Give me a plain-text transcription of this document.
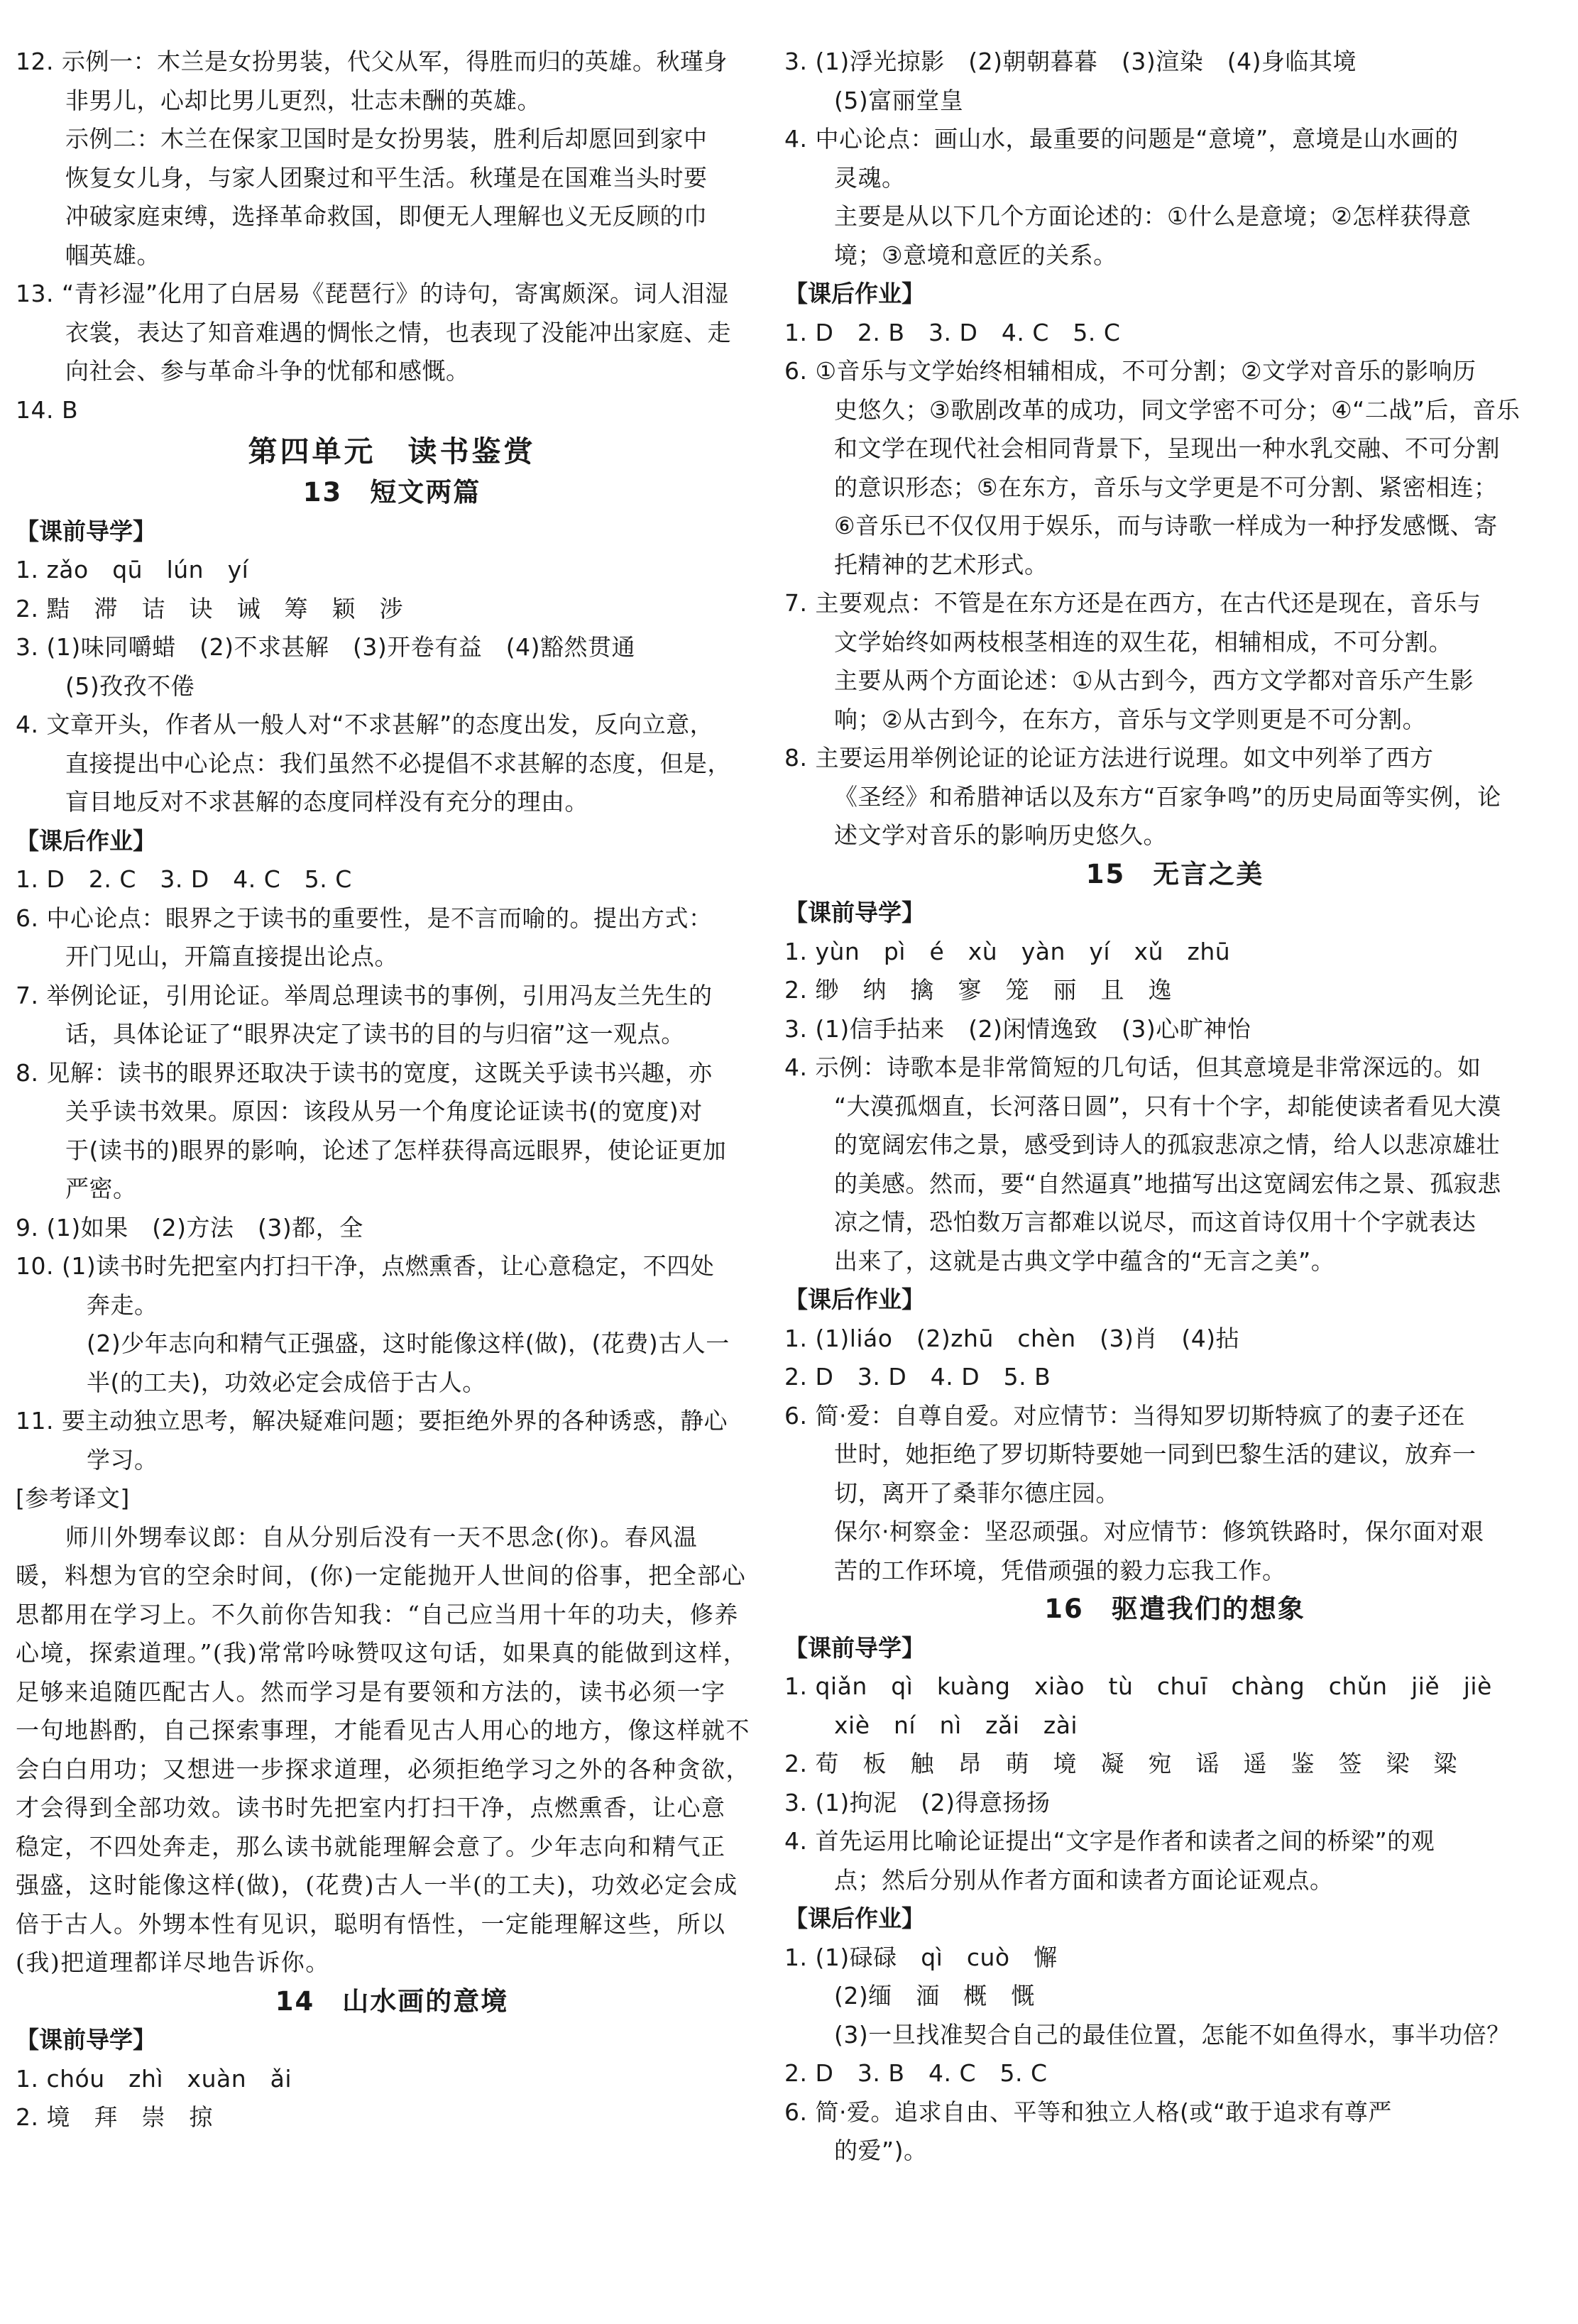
12. 示例一：木兰是女扮男装，代父从军，得胜而归的英雄。秋瑾身
非男儿，心却比男儿更烈，壮志未酬的英雄。
示例二：木兰在保家卫国时是女扮男装，胜利后却愿回到家中
恢复女儿身，与家人团聚过和平生活。秋瑾是在国难当头时要
冲破家庭束缚，选择革命救国，即便无人理解也义无反顾的巾
帼英雄。
13. “青衫湿”化用了白居易《琵琶行》的诗句，寄寓颇深。词人泪湿
衣裳，表达了知音难遇的惆怅之情，也表现了没能冲出家庭、走
向社会、参与革命斗争的忧郁和感慨。
14. B
第四单元　读书鉴赏
13　短文两篇
【课前导学】
1. zǎo　qū　lún　yí
2. 黠　滞　诘　诀　诫　筹　颖　涉
3. (1)味同嚼蜡　(2)不求甚解　(3)开卷有益　(4)豁然贯通
(5)孜孜不倦
4. 文章开头，作者从一般人对“不求甚解”的态度出发，反向立意，
直接提出中心论点：我们虽然不必提倡不求甚解的态度，但是，
盲目地反对不求甚解的态度同样没有充分的理由。
【课后作业】
1. D　2. C　3. D　4. C　5. C
6. 中心论点：眼界之于读书的重要性，是不言而喻的。提出方式：
开门见山，开篇直接提出论点。
7. 举例论证，引用论证。举周总理读书的事例，引用冯友兰先生的
话，具体论证了“眼界决定了读书的目的与归宿”这一观点。
8. 见解：读书的眼界还取决于读书的宽度，这既关乎读书兴趣，亦
关乎读书效果。原因：该段从另一个角度论证读书(的宽度)对
于(读书的)眼界的影响，论述了怎样获得高远眼界，使论证更加
严密。
9. (1)如果　(2)方法　(3)都，全
10. (1)读书时先把室内打扫干净，点燃熏香，让心意稳定，不四处
奔走。
(2)少年志向和精气正强盛，这时能像这样(做)，(花费)古人一
半(的工夫)，功效必定会成倍于古人。
11. 要主动独立思考，解决疑难问题；要拒绝外界的各种诱惑，静心
学习。
[参考译文]
师川外甥奉议郎：自从分别后没有一天不思念(你)。春风温
暖，料想为官的空余时间，(你)一定能抛开人世间的俗事，把全部心
思都用在学习上。不久前你告知我：“自己应当用十年的功夫，修养
心境，探索道理。”(我)常常吟咏赞叹这句话，如果真的能做到这样，
足够来追随匹配古人。然而学习是有要领和方法的，读书必须一字
一句地斟酌，自己探索事理，才能看见古人用心的地方，像这样就不
会白白用功；又想进一步探求道理，必须拒绝学习之外的各种贪欲，
才会得到全部功效。读书时先把室内打扫干净，点燃熏香，让心意
稳定，不四处奔走，那么读书就能理解会意了。少年志向和精气正
强盛，这时能像这样(做)，(花费)古人一半(的工夫)，功效必定会成
倍于古人。外甥本性有见识，聪明有悟性，一定能理解这些，所以
(我)把道理都详尽地告诉你。
14　山水画的意境
【课前导学】
1. chóu　zhì　xuàn　ǎi
2. 境　拜　崇　掠
3. (1)浮光掠影　(2)朝朝暮暮　(3)渲染　(4)身临其境
(5)富丽堂皇
4. 中心论点：画山水，最重要的问题是“意境”，意境是山水画的
灵魂。
主要是从以下几个方面论述的：①什么是意境；②怎样获得意
境；③意境和意匠的关系。
【课后作业】
1. D　2. B　3. D　4. C　5. C
6. ①音乐与文学始终相辅相成，不可分割；②文学对音乐的影响历
史悠久；③歌剧改革的成功，同文学密不可分；④“二战”后，音乐
和文学在现代社会相同背景下，呈现出一种水乳交融、不可分割
的意识形态；⑤在东方，音乐与文学更是不可分割、紧密相连；
⑥音乐已不仅仅用于娱乐，而与诗歌一样成为一种抒发感慨、寄
托精神的艺术形式。
7. 主要观点：不管是在东方还是在西方，在古代还是现在，音乐与
文学始终如两枝根茎相连的双生花，相辅相成，不可分割。
主要从两个方面论述：①从古到今，西方文学都对音乐产生影
响；②从古到今，在东方，音乐与文学则更是不可分割。
8. 主要运用举例论证的论证方法进行说理。如文中列举了西方
《圣经》和希腊神话以及东方“百家争鸣”的历史局面等实例，论
述文学对音乐的影响历史悠久。
15　无言之美
【课前导学】
1. yùn　pì　é　xù　yàn　yí　xǔ　zhū
2. 缈　纳　擒　寥　笼　丽　且　逸
3. (1)信手拈来　(2)闲情逸致　(3)心旷神怡
4. 示例：诗歌本是非常简短的几句话，但其意境是非常深远的。如
“大漠孤烟直，长河落日圆”，只有十个字，却能使读者看见大漠
的宽阔宏伟之景，感受到诗人的孤寂悲凉之情，给人以悲凉雄壮
的美感。然而，要“自然逼真”地描写出这宽阔宏伟之景、孤寂悲
凉之情，恐怕数万言都难以说尽，而这首诗仅用十个字就表达
出来了，这就是古典文学中蕴含的“无言之美”。
【课后作业】
1. (1)liáo　(2)zhū　chèn　(3)肖　(4)拈
2. D　3. D　4. D　5. B
6. 简·爱：自尊自爱。对应情节：当得知罗切斯特疯了的妻子还在
世时，她拒绝了罗切斯特要她一同到巴黎生活的建议，放弃一
切，离开了桑菲尔德庄园。
保尔·柯察金：坚忍顽强。对应情节：修筑铁路时，保尔面对艰
苦的工作环境，凭借顽强的毅力忘我工作。
16　驱遣我们的想象
【课前导学】
1. qiǎn　qì　kuàng　xiào　tù　chuī　chàng　chǔn　jiě　jiè
xiè　ní　nì　zǎi　zài
2. 荀　板　触　昂　萌　境　凝　宛　谣　遥　鉴　签　梁　粱
3. (1)拘泥　(2)得意扬扬
4. 首先运用比喻论证提出“文字是作者和读者之间的桥梁”的观
点；然后分别从作者方面和读者方面论证观点。
【课后作业】
1. (1)碌碌　qì　cuò　懈
(2)缅　湎　概　慨
(3)一旦找准契合自己的最佳位置，怎能不如鱼得水，事半功倍？
2. D　3. B　4. C　5. C
6. 简·爱。追求自由、平等和独立人格(或“敢于追求有尊严
的爱”)。
